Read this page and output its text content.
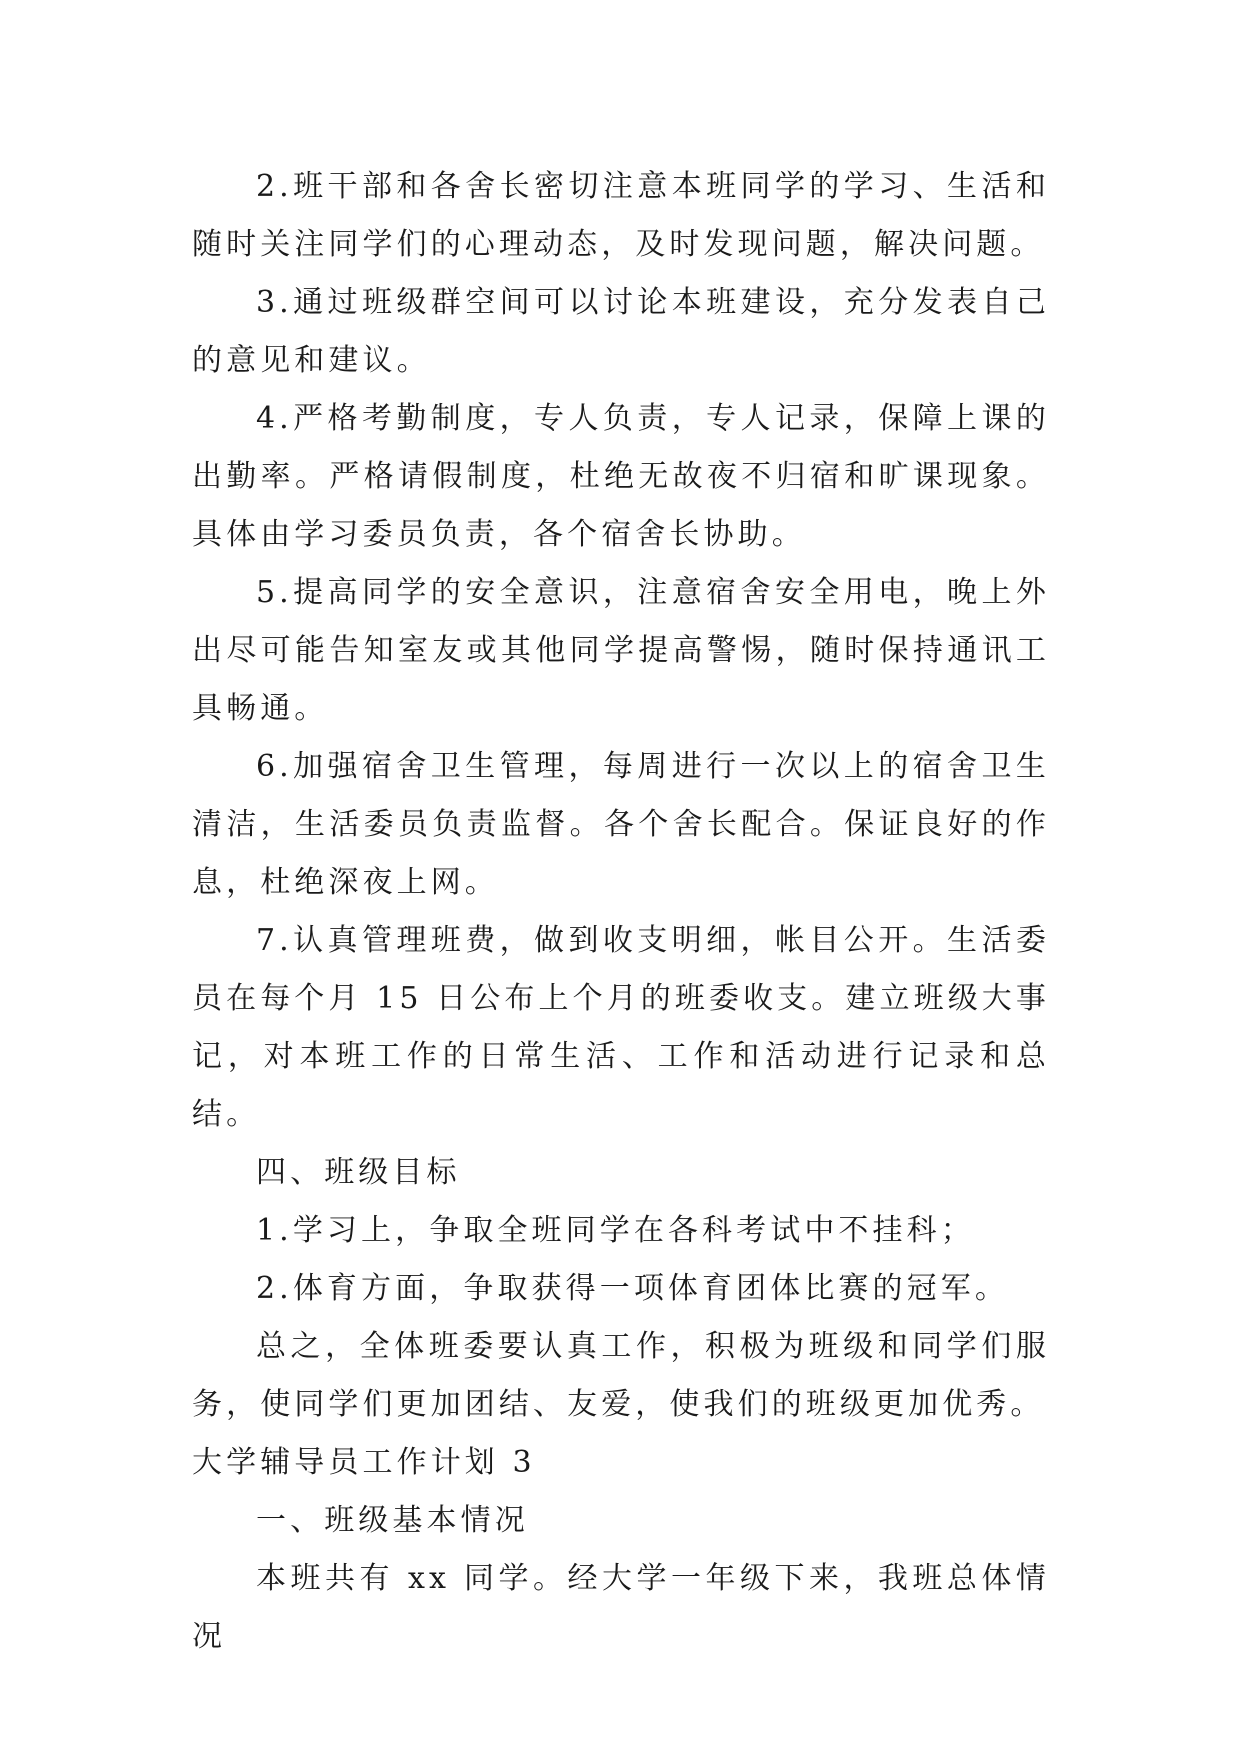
2.班干部和各舍长密切注意本班同学的学习、生活和随时关注同学们的心理动态，及时发现问题，解决问题。

3.通过班级群空间可以讨论本班建设，充分发表自己的意见和建议。

4.严格考勤制度，专人负责，专人记录，保障上课的出勤率。严格请假制度，杜绝无故夜不归宿和旷课现象。具体由学习委员负责，各个宿舍长协助。

5.提高同学的安全意识，注意宿舍安全用电，晚上外出尽可能告知室友或其他同学提高警惕，随时保持通讯工具畅通。

6.加强宿舍卫生管理，每周进行一次以上的宿舍卫生清洁，生活委员负责监督。各个舍长配合。保证良好的作息，杜绝深夜上网。

7.认真管理班费，做到收支明细，帐目公开。生活委员在每个月 15 日公布上个月的班委收支。建立班级大事记，对本班工作的日常生活、工作和活动进行记录和总结。

四、班级目标

1.学习上，争取全班同学在各科考试中不挂科；

2.体育方面，争取获得一项体育团体比赛的冠军。

总之，全体班委要认真工作，积极为班级和同学们服务，使同学们更加团结、友爱，使我们的班级更加优秀。

大学辅导员工作计划 3

一、班级基本情况

本班共有 xx 同学。经大学一年级下来，我班总体情况
